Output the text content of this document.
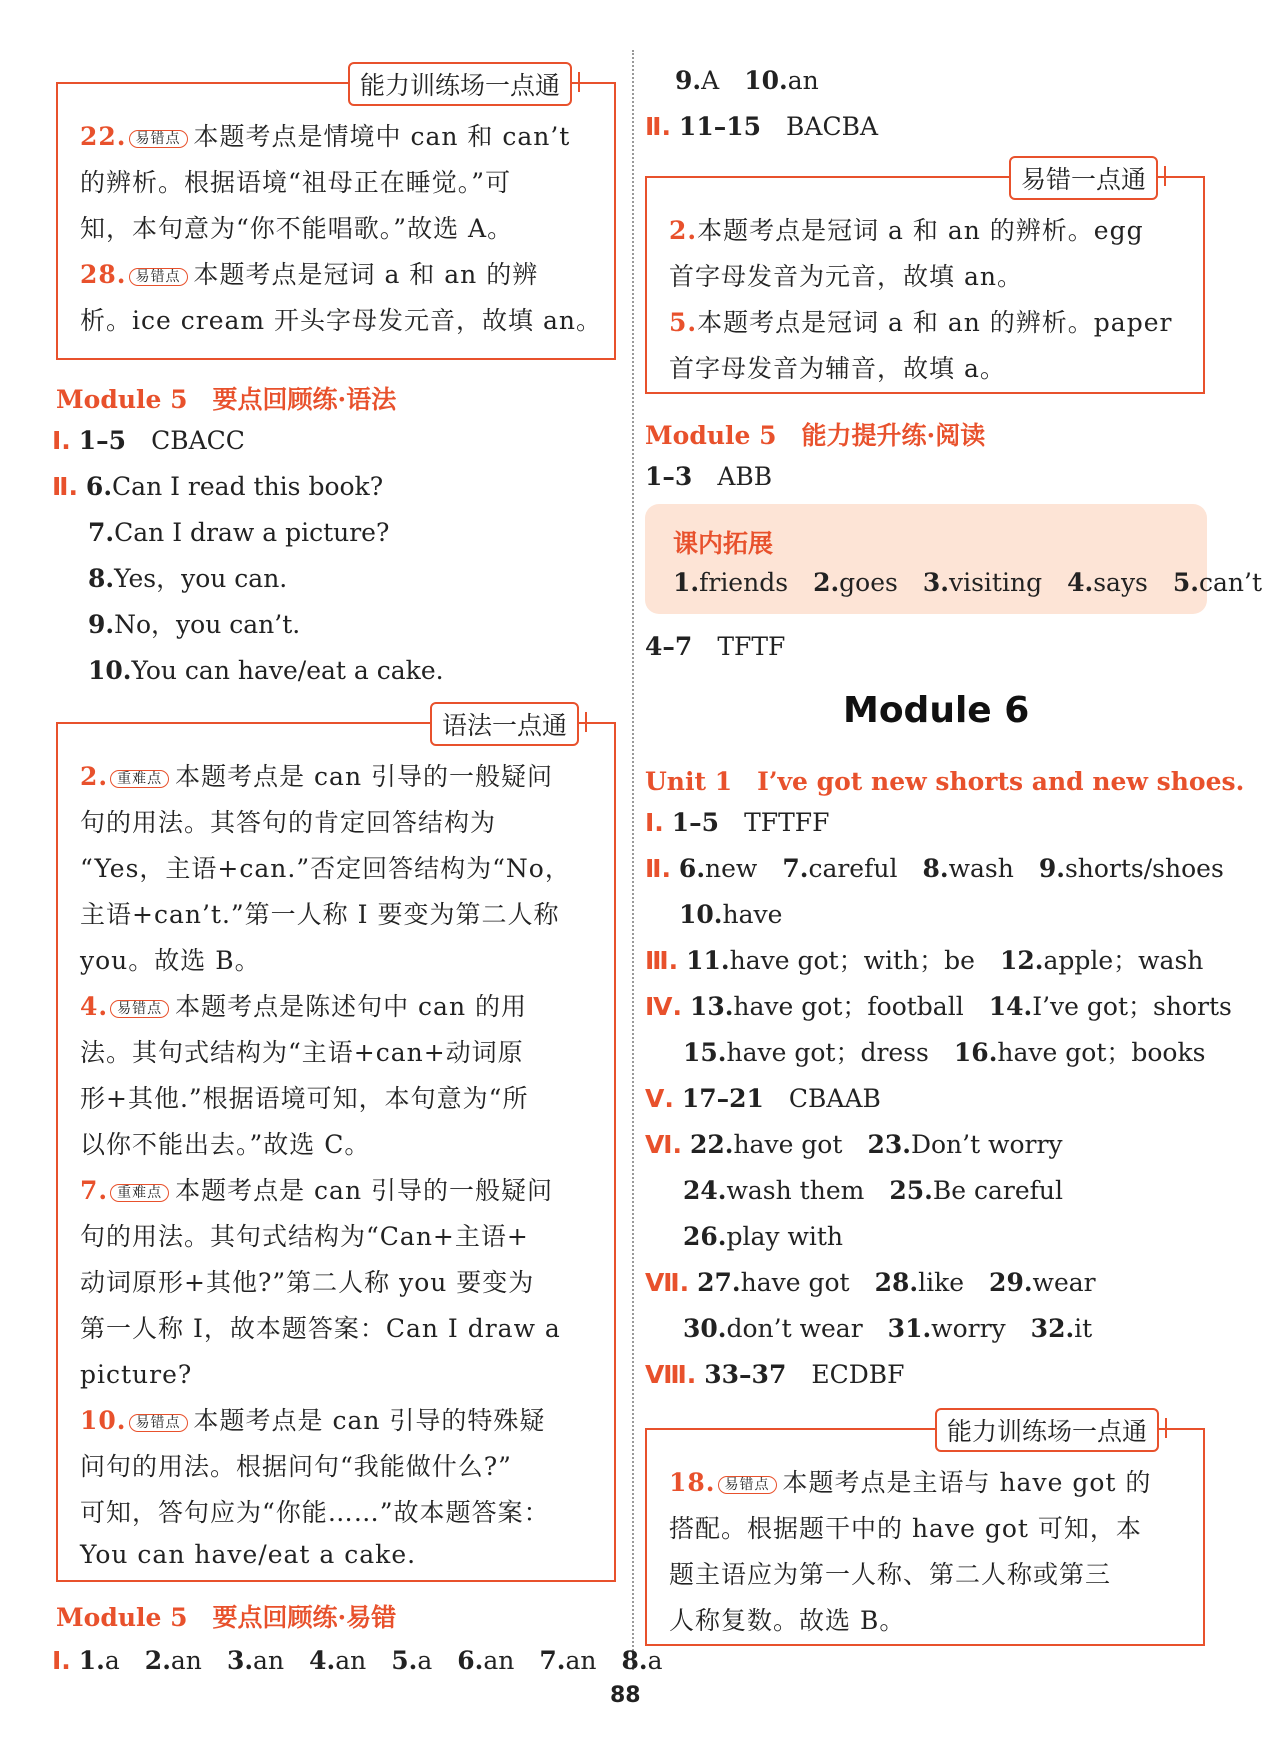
能力训练场一点通
22. 易错点 本题考点是情境中 can 和 can’t
的辨析。根据语境“祖母正在睡觉。”可
知，本句意为“你不能唱歌。”故选 A。
28. 易错点 本题考点是冠词 a 和 an 的辨
析。ice cream 开头字母发元音，故填 an。
Module 5　要点回顾练·语法
Ⅰ. 1–5　 CBACC
Ⅱ. 6.Can I read this book?
7.Can I draw a picture?
8.Yes，you can.
9.No，you can’t.
10.You can have/eat a cake.
语法一点通
2. 重难点 本题考点是 can 引导的一般疑问
句的用法。其答句的肯定回答结构为
“Yes，主语+can.”否定回答结构为“No，
主语+can’t.”第一人称 I 要变为第二人称
you。故选 B。
4. 易错点 本题考点是陈述句中 can 的用
法。其句式结构为“主语+can+动词原
形+其他.”根据语境可知，本句意为“所
以你不能出去。”故选 C。
7. 重难点 本题考点是 can 引导的一般疑问
句的用法。其句式结构为“Can+主语+
动词原形+其他?”第二人称 you 要变为
第一人称 I，故本题答案：Can I draw a
picture?
10. 易错点 本题考点是 can 引导的特殊疑
问句的用法。根据问句“我能做什么?”
可知，答句应为“你能……”故本题答案：
You can have/eat a cake.
Module 5　要点回顾练·易错
Ⅰ. 1.a　 2.an　 3.an　 4.an　 5.a　 6.an　 7.an　 8.a
9.A　 10.an
Ⅱ. 11–15　 BACBA
易错一点通
2.本题考点是冠词 a 和 an 的辨析。egg
首字母发音为元音，故填 an。
5.本题考点是冠词 a 和 an 的辨析。paper
首字母发音为辅音，故填 a。
Module 5　能力提升练·阅读
1–3　 ABB
课内拓展
1.friends　 2.goes　 3.visiting　 4.says　 5.can’t
4–7　 TFTF
Module 6
Unit 1　I’ve got new shorts and new shoes.
Ⅰ. 1–5　 TFTFF
Ⅱ. 6.new　 7.careful　 8.wash　 9.shorts/shoes
10.have
Ⅲ. 11.have got；with；be　 12.apple；wash
Ⅳ. 13.have got；football　 14.I’ve got；shorts
15.have got；dress　 16.have got；books
Ⅴ. 17–21　 CBAAB
Ⅵ. 22.have got　 23.Don’t worry
24.wash them　 25.Be careful
26.play with
Ⅶ. 27.have got　 28.like　 29.wear
30.don’t wear　 31.worry　 32.it
Ⅷ. 33–37　 ECDBF
能力训练场一点通
18. 易错点 本题考点是主语与 have got 的
搭配。根据题干中的 have got 可知，本
题主语应为第一人称、第二人称或第三
人称复数。故选 B。
88
